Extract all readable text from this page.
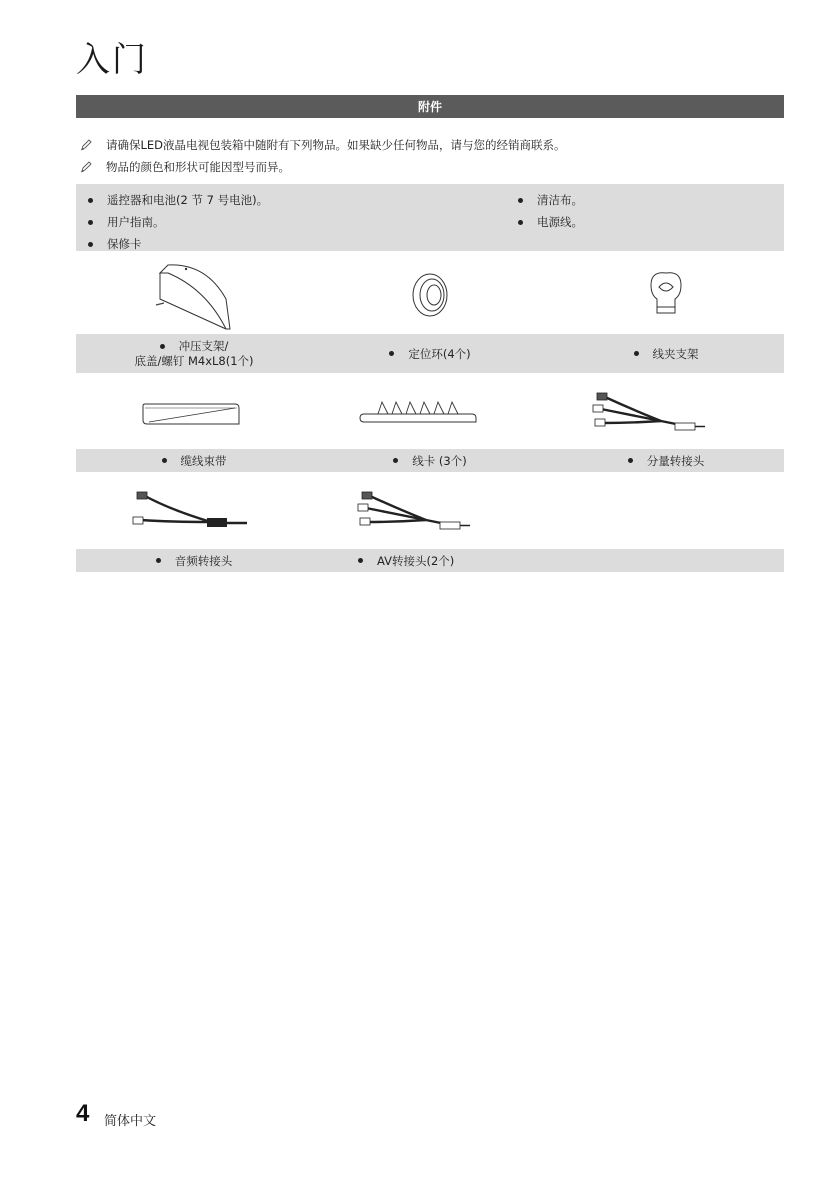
入门
附件
请确保LED液晶电视包装箱中随附有下列物品。如果缺少任何物品，请与您的经销商联系。
物品的颜色和形状可能因型号而异。
遥控器和电池(2 节 7 号电池)。
用户指南。
保修卡
清洁布。
电源线。
冲压支架/
底盖/螺钉 M4xL8(1个)	定位环(4个)	线夹支架
缆线束带	线卡 (3个)	分量转接头
音频转接头	AV转接头(2个)
4 简体中文
